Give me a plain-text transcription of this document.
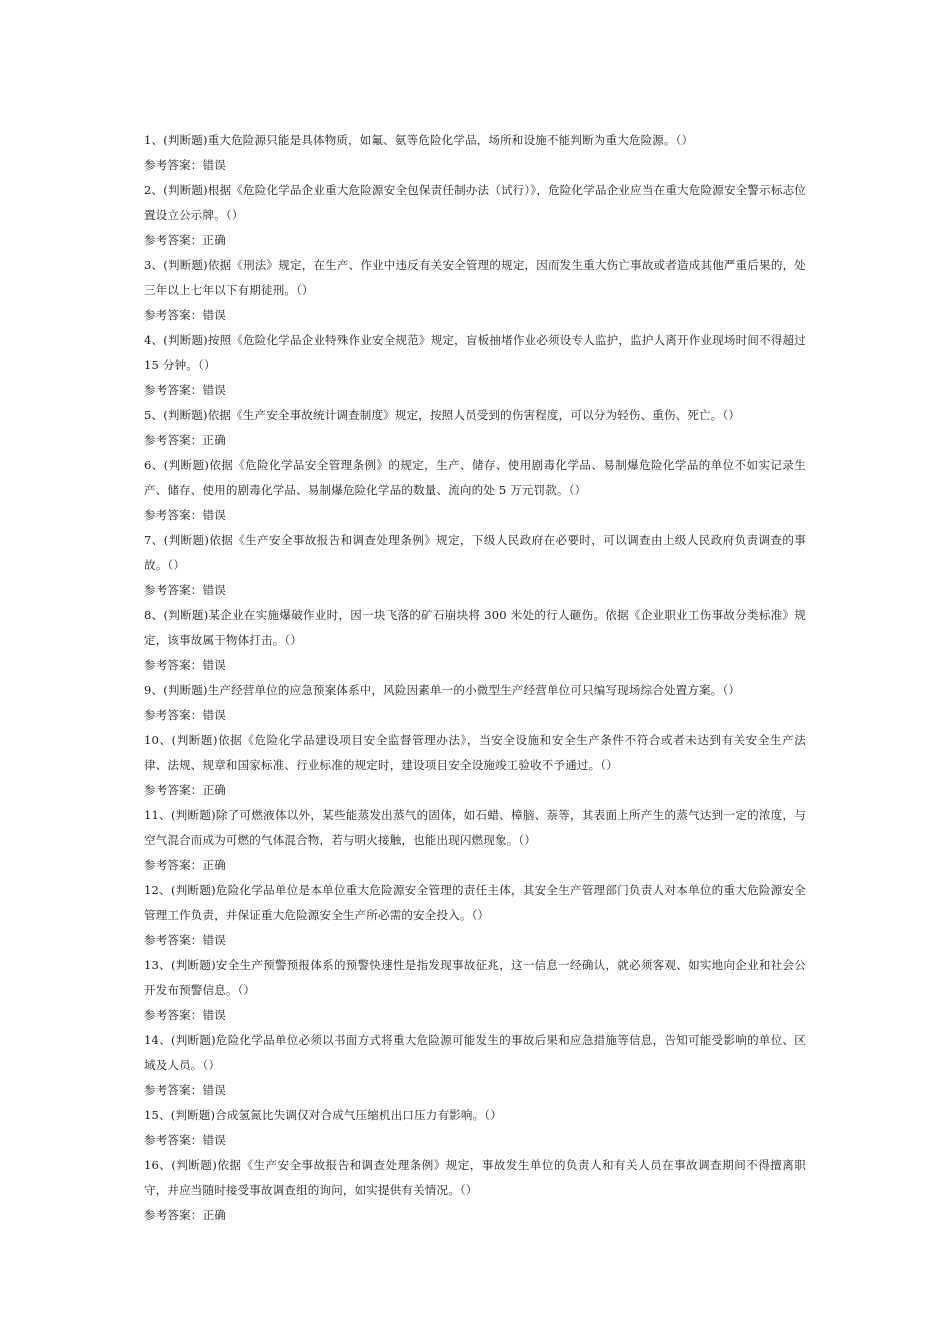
1、(判断题)重大危险源只能是具体物质，如氟、氨等危险化学品，场所和设施不能判断为重大危险源。（）
参考答案：错误
2、(判断题)根据《危险化学品企业重大危险源安全包保责任制办法（试行）》，危险化学品企业应当在重大危险源安全警示标志位置设立公示牌。（）
参考答案：正确
3、(判断题)依据《刑法》规定，在生产、作业中违反有关安全管理的规定，因而发生重大伤亡事故或者造成其他严重后果的，处三年以上七年以下有期徒刑。（）
参考答案：错误
4、(判断题)按照《危险化学品企业特殊作业安全规范》规定，盲板抽堵作业必须设专人监护，监护人离开作业现场时间不得超过 15 分钟。（）
参考答案：错误
5、(判断题)依据《生产安全事故统计调查制度》规定，按照人员受到的伤害程度，可以分为轻伤、重伤、死亡。（）
参考答案：正确
6、(判断题)依据《危险化学品安全管理条例》的规定，生产、储存、使用剧毒化学品、易制爆危险化学品的单位不如实记录生产、储存、使用的剧毒化学品、易制爆危险化学品的数量、流向的处 5 万元罚款。（）
参考答案：错误
7、(判断题)依据《生产安全事故报告和调查处理条例》规定，下级人民政府在必要时，可以调查由上级人民政府负责调查的事故。（）
参考答案：错误
8、(判断题)某企业在实施爆破作业时，因一块飞落的矿石崩块将 300 米处的行人砸伤。依据《企业职业工伤事故分类标准》规定，该事故属于物体打击。（）
参考答案：错误
9、(判断题)生产经营单位的应急预案体系中，风险因素单一的小微型生产经营单位可只编写现场综合处置方案。（）
参考答案：错误
10、(判断题)依据《危险化学品建设项目安全监督管理办法》，当安全设施和安全生产条件不符合或者未达到有关安全生产法律、法规、规章和国家标准、行业标准的规定时，建设项目安全设施竣工验收不予通过。（）
参考答案：正确
11、(判断题)除了可燃液体以外，某些能蒸发出蒸气的固体，如石蜡、樟脑、萘等，其表面上所产生的蒸气达到一定的浓度，与空气混合而成为可燃的气体混合物，若与明火接触，也能出现闪燃现象。（）
参考答案：正确
12、(判断题)危险化学品单位是本单位重大危险源安全管理的责任主体，其安全生产管理部门负责人对本单位的重大危险源安全管理工作负责，并保证重大危险源安全生产所必需的安全投入。（）
参考答案：错误
13、(判断题)安全生产预警预报体系的预警快速性是指发现事故征兆，这一信息一经确认，就必须客观、如实地向企业和社会公开发布预警信息。（）
参考答案：错误
14、(判断题)危险化学品单位必须以书面方式将重大危险源可能发生的事故后果和应急措施等信息，告知可能受影响的单位、区域及人员。（）
参考答案：错误
15、(判断题)合成氢氮比失调仅对合成气压缩机出口压力有影响。（）
参考答案：错误
16、(判断题)依据《生产安全事故报告和调查处理条例》规定，事故发生单位的负责人和有关人员在事故调查期间不得擅离职守，并应当随时接受事故调查组的询问，如实提供有关情况。（）
参考答案：正确
